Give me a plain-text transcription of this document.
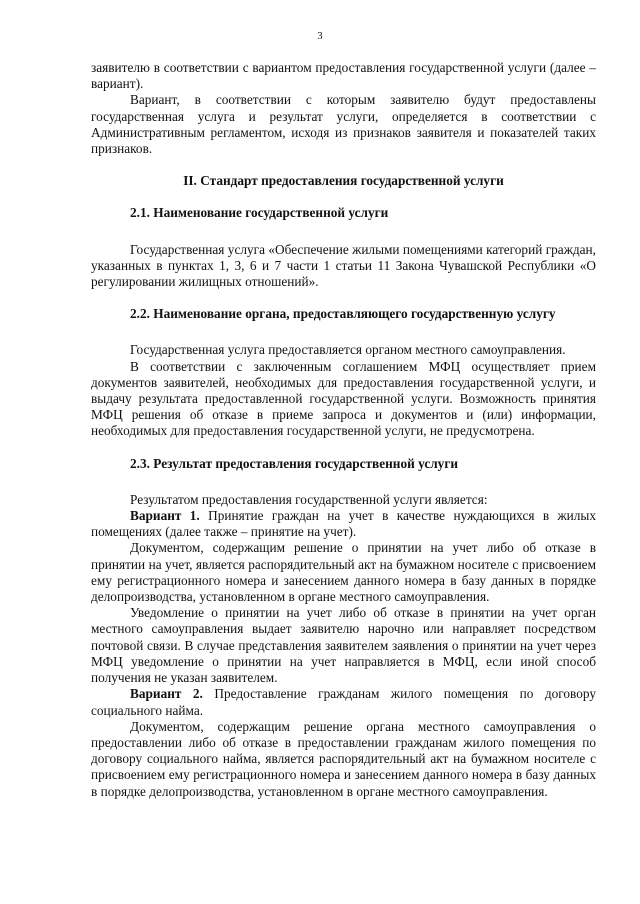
3

заявителю в соответствии с вариантом предоставления государственной услуги (далее – вариант).

Вариант, в соответствии с которым заявителю будут предоставлены государственная услуга и результат услуги, определяется в соответствии с Административным регламентом, исходя из признаков заявителя и показателей таких признаков.

II. Стандарт предоставления государственной услуги

2.1. Наименование государственной услуги

Государственная услуга «Обеспечение жилыми помещениями категорий граждан, указанных в пунктах 1, 3, 6 и 7 части 1 статьи 11 Закона Чувашской Республики «О регулировании жилищных отношений».

2.2. Наименование органа, предоставляющего государственную услугу

Государственная услуга предоставляется органом местного самоуправления.

В соответствии с заключенным соглашением МФЦ осуществляет прием документов заявителей, необходимых для предоставления государственной услуги, и выдачу результата предоставленной государственной услуги. Возможность принятия МФЦ решения об отказе в приеме запроса и документов и (или) информации, необходимых для предоставления государственной услуги, не предусмотрена.

2.3. Результат предоставления государственной услуги

Результатом предоставления государственной услуги является:

Вариант 1. Принятие граждан на учет в качестве нуждающихся в жилых помещениях (далее также – принятие на учет).

Документом, содержащим решение о принятии на учет либо об отказе в принятии на учет, является распорядительный акт на бумажном носителе с присвоением ему регистрационного номера и занесением данного номера в базу данных в порядке делопроизводства, установленном в органе местного самоуправления.

Уведомление о принятии на учет либо об отказе в принятии на учет орган местного самоуправления выдает заявителю нарочно или направляет посредством почтовой связи. В случае представления заявителем заявления о принятии на учет через МФЦ уведомление о принятии на учет направляется в МФЦ, если иной способ получения не указан заявителем.

Вариант 2. Предоставление гражданам жилого помещения по договору социального найма.

Документом, содержащим решение органа местного самоуправления о предоставлении либо об отказе в предоставлении гражданам жилого помещения по договору социального найма, является распорядительный акт на бумажном носителе с присвоением ему регистрационного номера и занесением данного номера в базу данных в порядке делопроизводства, установленном в органе местного самоуправления.
